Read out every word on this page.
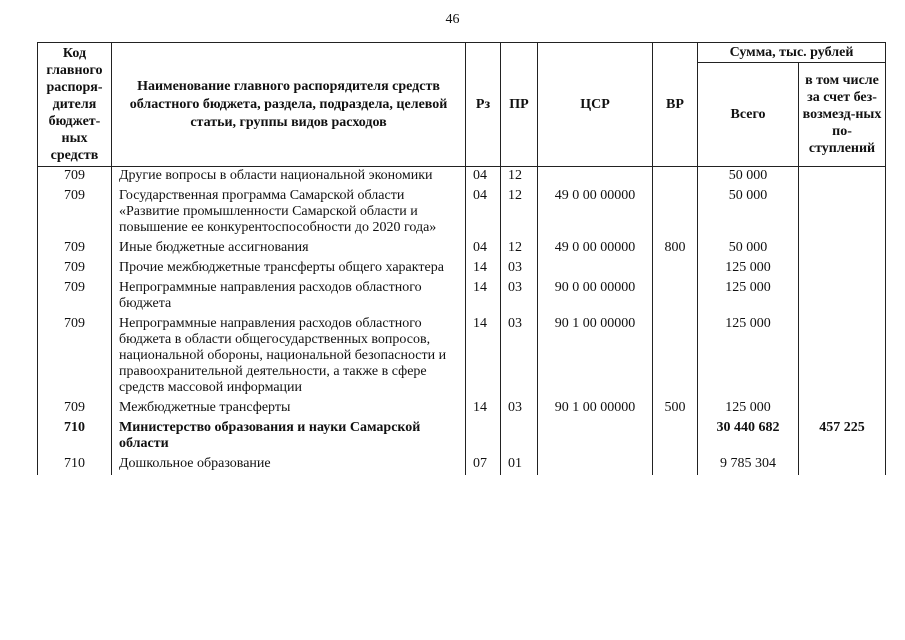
46
Код главного распоря-дителя бюджет-ных средств	Наименование главного распорядителя средств областного бюджета, раздела, подраздела, целевой статьи, группы видов расходов	Рз	ПР	ЦСР	ВР	Сумма, тыс. рублей	
						Всего	в том числе за счет без-возмезд-ных по-ступлений
709	Другие вопросы в области национальной экономики	04	12			50 000	
709	Государственная программа Самарской области «Развитие промышленности Самарской области и повышение ее конкурентоспособности до 2020 года»	04	12	49 0 00 00000		50 000	
709	Иные бюджетные ассигнования	04	12	49 0 00 00000	800	50 000	
709	Прочие межбюджетные трансферты общего характера	14	03			125 000	
709	Непрограммные направления расходов областного бюджета	14	03	90 0 00 00000		125 000	
709	Непрограммные направления расходов областного бюджета в области общегосударственных вопросов, национальной обороны, национальной безопасности и правоохранительной деятельности, а также в сфере средств массовой информации	14	03	90 1 00 00000		125 000	
709	Межбюджетные трансферты	14	03	90 1 00 00000	500	125 000	
710	Министерство образования и науки Самарской области					30 440 682	457 225
710	Дошкольное образование	07	01			9 785 304	
